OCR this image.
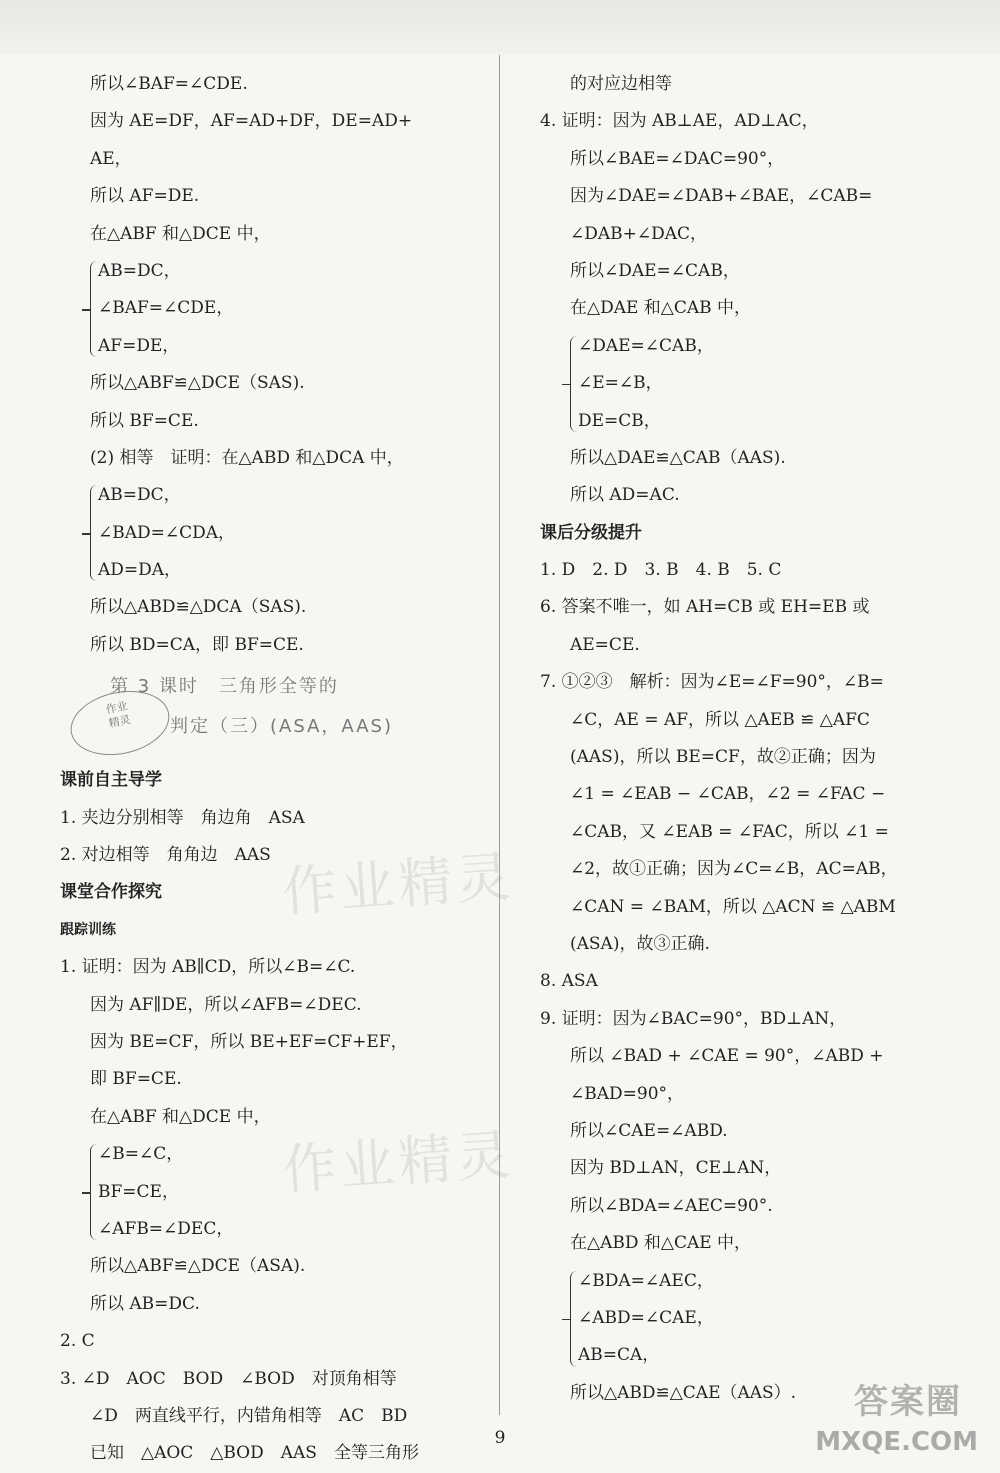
所以∠BAF=∠CDE.
因为 AE=DF，AF=AD+DF，DE=AD+
AE，
所以 AF=DE.
在△ABF 和△DCE 中，
AB=DC，
∠BAF=∠CDE，
AF=DE，
所以△ABF≌△DCE（SAS).
所以 BF=CE.
(2) 相等　证明：在△ABD 和△DCA 中，
AB=DC，
∠BAD=∠CDA，
AD=DA，
所以△ABD≌△DCA（SAS).
所以 BD=CA，即 BF=CE.
第 3 课时　三角形全等的
作业
精灵	判定（三）(ASA，AAS)
课前自主导学
1. 夹边分别相等　角边角　ASA
2. 对边相等　角角边　AAS
课堂合作探究
跟踪训练
1. 证明：因为 AB∥CD，所以∠B=∠C.
因为 AF∥DE，所以∠AFB=∠DEC.
因为 BE=CF，所以 BE+EF=CF+EF，
即 BF=CE.
在△ABF 和△DCE 中，
∠B=∠C，
BF=CE，
∠AFB=∠DEC，
所以△ABF≌△DCE（ASA).
所以 AB=DC.
2. C
3. ∠D　AOC　BOD　∠BOD　对顶角相等
∠D　两直线平行，内错角相等　AC　BD
已知　△AOC　△BOD　AAS　全等三角形
的对应边相等
4. 证明：因为 AB⊥AE，AD⊥AC，
所以∠BAE=∠DAC=90°，
因为∠DAE=∠DAB+∠BAE，∠CAB=
∠DAB+∠DAC，
所以∠DAE=∠CAB，
在△DAE 和△CAB 中，
∠DAE=∠CAB，
∠E=∠B，
DE=CB，
所以△DAE≌△CAB（AAS).
所以 AD=AC.
课后分级提升
1. D　2. D　3. B　4. B　5. C
6. 答案不唯一，如 AH=CB 或 EH=EB 或
AE=CE.
7. ①②③　解析：因为∠E=∠F=90°，∠B=
∠C，AE = AF，所以 △AEB ≌ △AFC
(AAS)，所以 BE=CF，故②正确；因为
∠1 = ∠EAB − ∠CAB，∠2 = ∠FAC −
∠CAB，又 ∠EAB = ∠FAC，所以 ∠1 =
∠2，故①正确；因为∠C=∠B，AC=AB，
∠CAN = ∠BAM，所以 △ACN ≌ △ABM
(ASA)，故③正确.
8. ASA
9. 证明：因为∠BAC=90°，BD⊥AN，
所以 ∠BAD + ∠CAE = 90°，∠ABD +
∠BAD=90°，
所以∠CAE=∠ABD.
因为 BD⊥AN，CE⊥AN，
所以∠BDA=∠AEC=90°.
在△ABD 和△CAE 中，
∠BDA=∠AEC，
∠ABD=∠CAE，
AB=CA，
所以△ABD≌△CAE（AAS）.
作业精灵
作业精灵
9
答案圈
MXQE.COM
